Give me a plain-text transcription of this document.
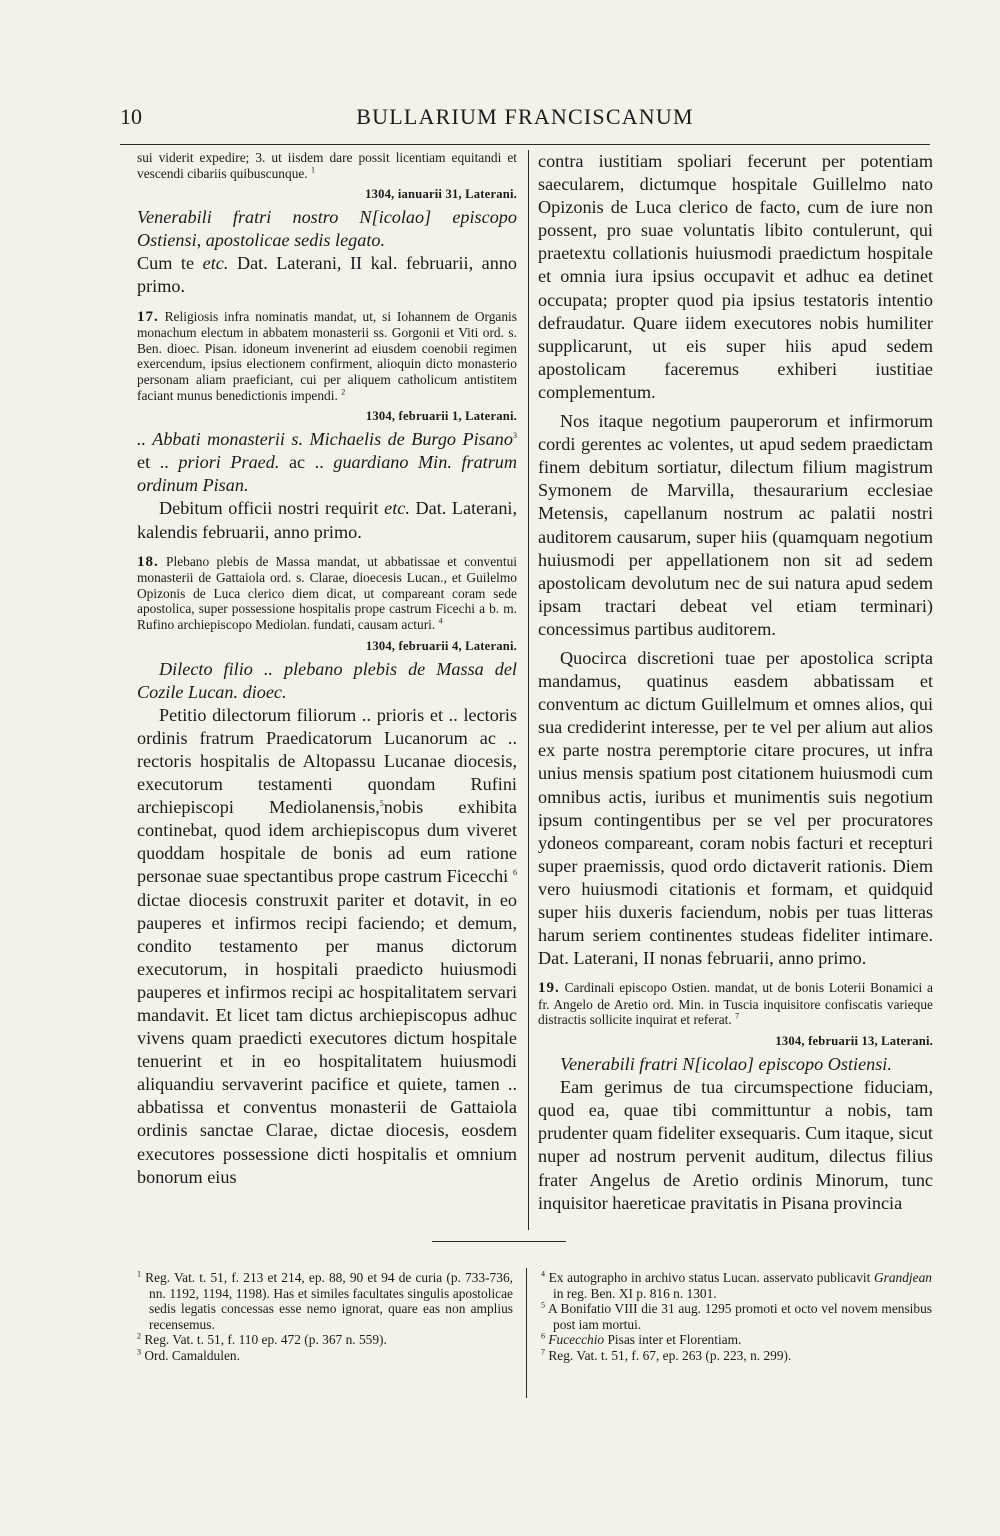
10	BULLARIUM FRANCISCANUM

sui viderit expedire; 3. ut iisdem dare possit licentiam equitandi et vescendi cibariis quibuscunque. $^1$

1304, ianuarii 31, Laterani.

Venerabili fratri nostro N[icolao] episcopo Ostiensi, apostolicae sedis legato.

Cum te etc. Dat. Laterani, II kal. februarii, anno primo.

17. Religiosis infra nominatis mandat, ut, si Iohannem de Organis monachum electum in abbatem monasterii ss. Gorgonii et Viti ord. s. Ben. dioec. Pisan. idoneum invenerint ad eiusdem coenobii regimen exercendum, ipsius electionem confirment, alioquin dicto monasterio personam aliam praeficiant, cui per aliquem catholicum antistitem faciant munus benedictionis impendi. $^2$

1304, februarii 1, Laterani.

.. Abbati monasterii s. Michaelis de Burgo Pisano$^3$ et .. priori Praed. ac .. guardiano Min. fratrum ordinum Pisan.

Debitum officii nostri requirit etc. Dat. Laterani, kalendis februarii, anno primo.

18. Plebano plebis de Massa mandat, ut abbatissae et conventui monasterii de Gattaiola ord. s. Clarae, dioecesis Lucan., et Guilelmo Opizonis de Luca clerico diem dicat, ut compareant coram sede apostolica, super possessione hospitalis prope castrum Ficechi a b. m. Rufino archiepiscopo Mediolan. fundati, causam acturi. $^4$

1304, februarii 4, Laterani.

Dilecto filio .. plebano plebis de Massa del Cozile Lucan. dioec.

Petitio dilectorum filiorum .. prioris et .. lectoris ordinis fratrum Praedicatorum Lucanorum ac .. rectoris hospitalis de Altopassu Lucanae diocesis, executorum testamenti quondam Rufini archiepiscopi Mediolanensis,$^5$nobis exhibita continebat, quod idem archiepiscopus dum viveret quoddam hospitale de bonis ad eum ratione personae suae spectantibus prope castrum Ficecchi $^6$ dictae diocesis construxit pariter et dotavit, in eo pauperes et infirmos recipi faciendo; et demum, condito testamento per manus dictorum executorum, in hospitali praedicto huiusmodi pauperes et infirmos recipi ac hospitalitatem servari mandavit. Et licet tam dictus archiepiscopus adhuc vivens quam praedicti executores dictum hospitale tenuerint et in eo hospitalitatem huiusmodi aliquandiu servaverint pacifice et quiete, tamen .. abbatissa et conventus monasterii de Gattaiola ordinis sanctae Clarae, dictae diocesis, eosdem executores possessione dicti hospitalis et omnium bonorum eius

contra iustitiam spoliari fecerunt per potentiam saecularem, dictumque hospitale Guillelmo nato Opizonis de Luca clerico de facto, cum de iure non possent, pro suae voluntatis libito contulerunt, qui praetextu collationis huiusmodi praedictum hospitale et omnia iura ipsius occupavit et adhuc ea detinet occupata; propter quod pia ipsius testatoris intentio defraudatur. Quare iidem executores nobis humiliter supplicarunt, ut eis super hiis apud sedem apostolicam faceremus exhiberi iustitiae complementum.

Nos itaque negotium pauperorum et infirmorum cordi gerentes ac volentes, ut apud sedem praedictam finem debitum sortiatur, dilectum filium magistrum Symonem de Marvilla, thesaurarium ecclesiae Metensis, capellanum nostrum ac palatii nostri auditorem causarum, super hiis (quamquam negotium huiusmodi per appellationem non sit ad sedem apostolicam devolutum nec de sui natura apud sedem ipsam tractari debeat vel etiam terminari) concessimus partibus auditorem.

Quocirca discretioni tuae per apostolica scripta mandamus, quatinus easdem abbatissam et conventum ac dictum Guillelmum et omnes alios, qui sua crediderint interesse, per te vel per alium aut alios ex parte nostra peremptorie citare procures, ut infra unius mensis spatium post citationem huiusmodi cum omnibus actis, iuribus et munimentis suis negotium ipsum contingentibus per se vel per procuratores ydoneos compareant, coram nobis facturi et recepturi super praemissis, quod ordo dictaverit rationis. Diem vero huiusmodi citationis et formam, et quidquid super hiis duxeris faciendum, nobis per tuas litteras harum seriem continentes studeas fideliter intimare. Dat. Laterani, II nonas februarii, anno primo.

19. Cardinali episcopo Ostien. mandat, ut de bonis Loterii Bonamici a fr. Angelo de Aretio ord. Min. in Tuscia inquisitore confiscatis varieque distractis sollicite inquirat et referat. $^7$

1304, februarii 13, Laterani.

Venerabili fratri N[icolao] episcopo Ostiensi.

Eam gerimus de tua circumspectione fiduciam, quod ea, quae tibi committuntur a nobis, tam prudenter quam fideliter exsequaris. Cum itaque, sicut nuper ad nostrum pervenit auditum, dilectus filius frater Angelus de Aretio ordinis Minorum, tunc inquisitor haereticae pravitatis in Pisana provincia

$^1$ Reg. Vat. t. 51, f. 213 et 214, ep. 88, 90 et 94 de curia (p. 733-736, nn. 1192, 1194, 1198). Has et similes facultates singulis apostolicae sedis legatis concessas esse nemo ignorat, quare eas non amplius recensemus.

$^2$ Reg. Vat. t. 51, f. 110 ep. 472 (p. 367 n. 559).

$^3$ Ord. Camaldulen.

$^4$ Ex autographo in archivo status Lucan. asservato publicavit Grandjean in reg. Ben. XI p. 816 n. 1301.

$^5$ A Bonifatio VIII die 31 aug. 1295 promoti et octo vel novem mensibus post iam mortui.

$^6$ Fucecchio Pisas inter et Florentiam.

$^7$ Reg. Vat. t. 51, f. 67, ep. 263 (p. 223, n. 299).
